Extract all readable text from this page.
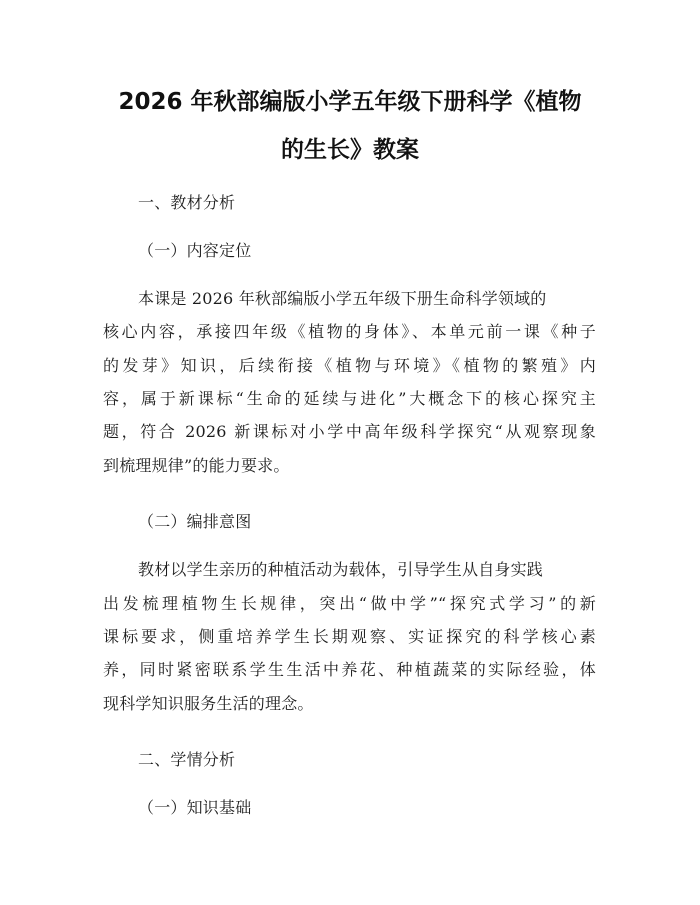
2026 年秋部编版小学五年级下册科学《植物
的生长》教案
一、教材分析
（一）内容定位
本课是 2026 年秋部编版小学五年级下册生命科学领域的
核心内容，承接四年级《植物的身体》、本单元前一课《种子
的发芽》知识，后续衔接《植物与环境》《植物的繁殖》内
容，属于新课标“生命的延续与进化”大概念下的核心探究主
题，符合 2026 新课标对小学中高年级科学探究“从观察现象
到梳理规律”的能力要求。
（二）编排意图
教材以学生亲历的种植活动为载体，引导学生从自身实践
出发梳理植物生长规律，突出“做中学”“探究式学习”的新
课标要求，侧重培养学生长期观察、实证探究的科学核心素
养，同时紧密联系学生生活中养花、种植蔬菜的实际经验，体
现科学知识服务生活的理念。
二、学情分析
（一）知识基础
